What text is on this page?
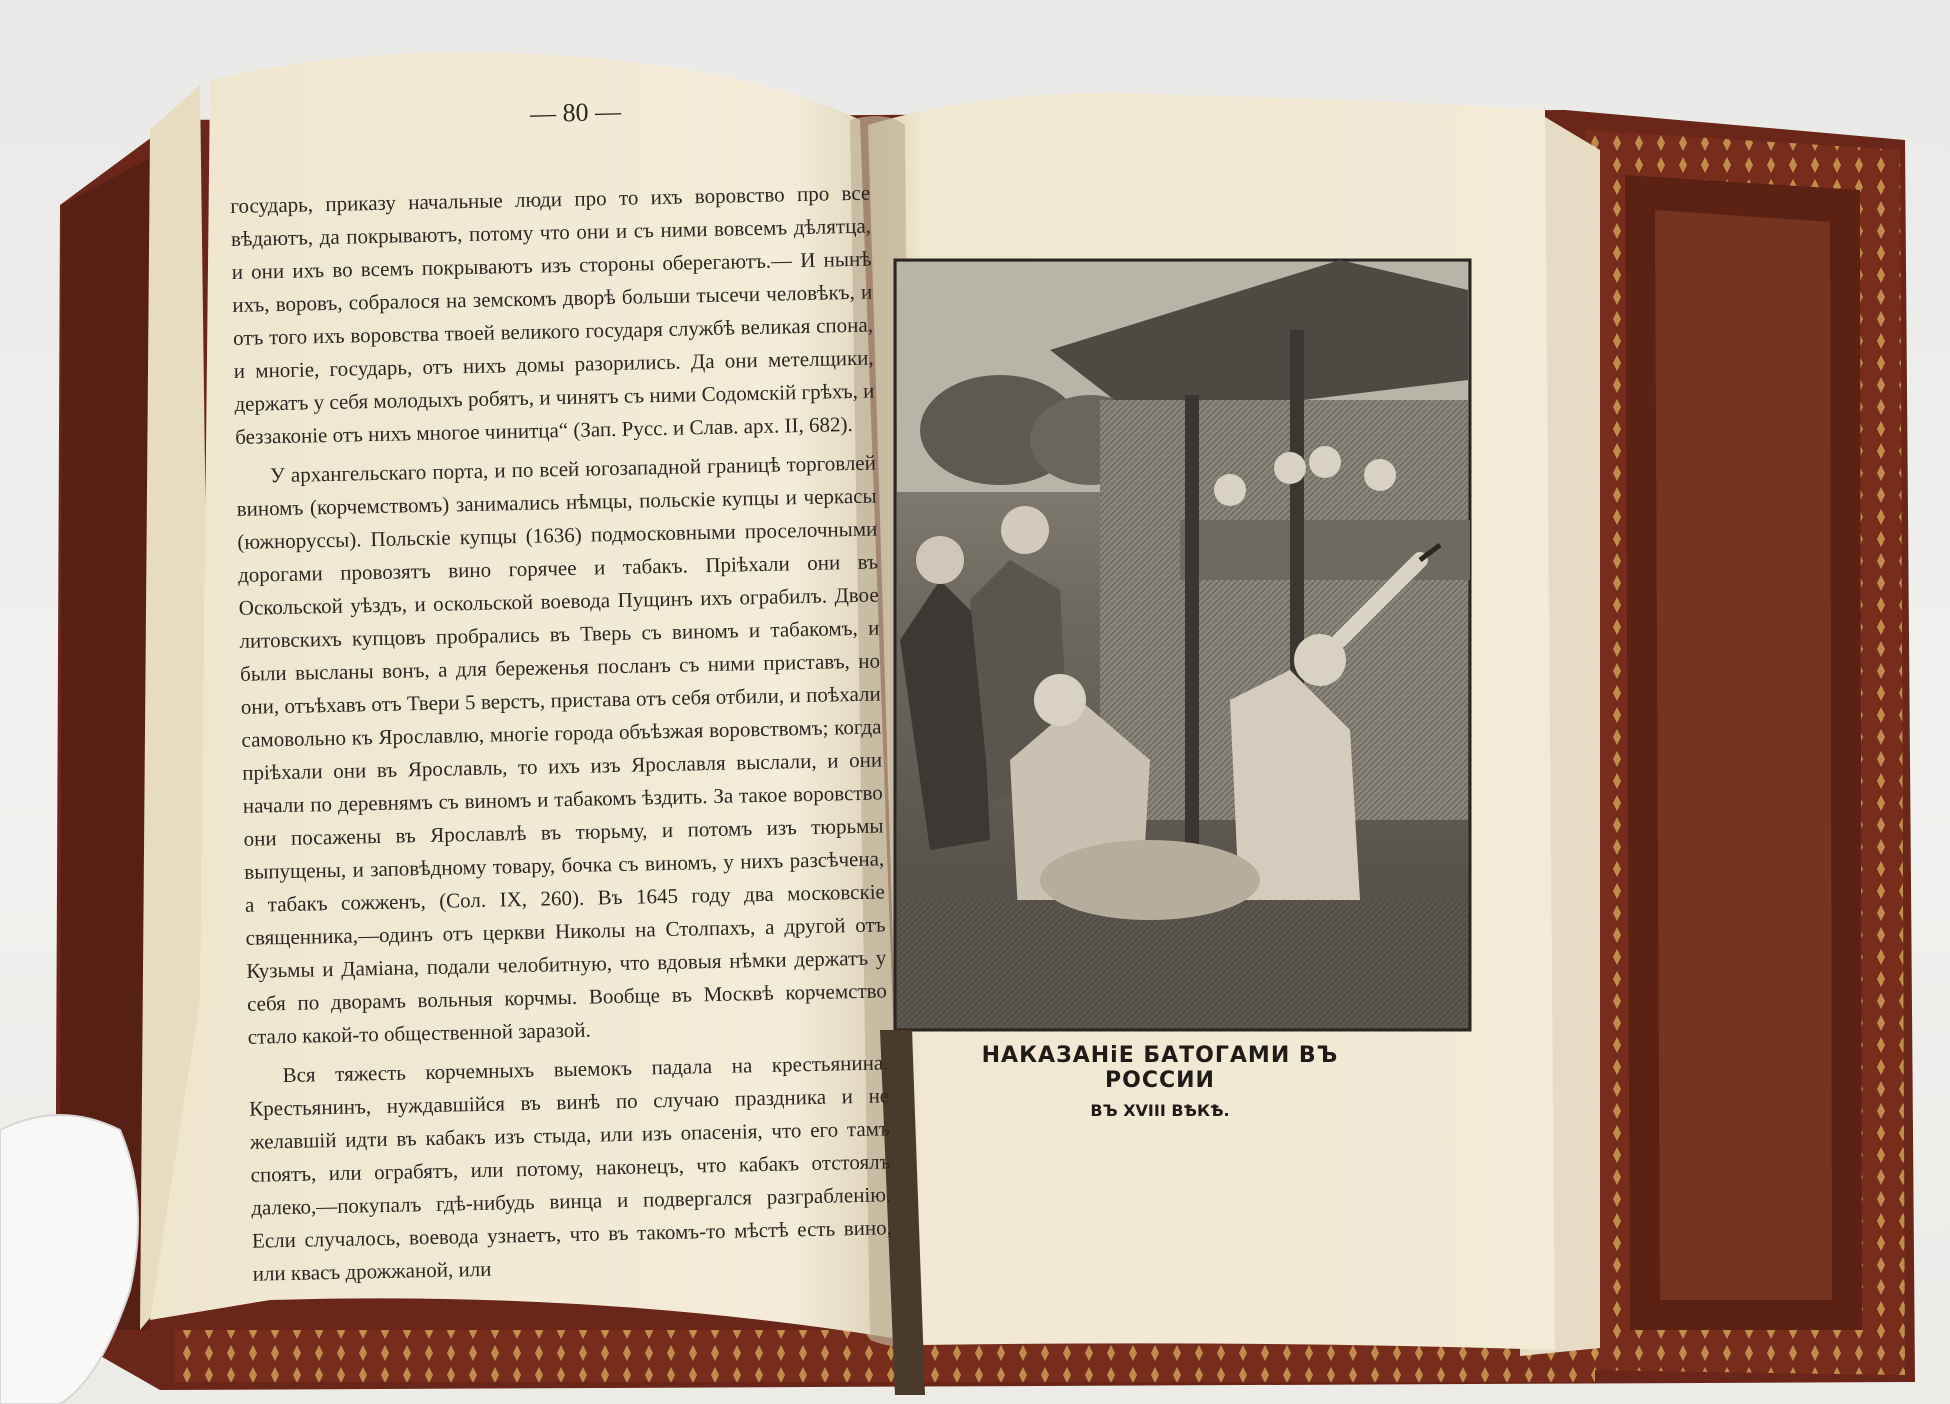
— 80 —

государь, приказу начальные люди про то ихъ воровство про все вѣдаютъ, да покрываютъ, потому что они и съ ними вовсемъ дѣлятца, и они ихъ во всемъ покрываютъ изъ стороны оберегаютъ.— И нынѣ ихъ, воровъ, собралося на земскомъ дворѣ больши тысечи человѣкъ, и отъ того ихъ воровства твоей великого государя службѣ великая спона, и многіе, государь, отъ нихъ домы разорились. Да они метелщики, держатъ у себя молодыхъ робятъ, и чинятъ съ ними Содомскій грѣхъ, и беззаконіе отъ нихъ многое чинитца“ (Зап. Русс. и Слав. арх. II, 682).

У архангельскаго порта, и по всей югозападной границѣ торговлей виномъ (корчемствомъ) занимались нѣмцы, польскіе купцы и черкасы (южноруссы). Польскіе купцы (1636) подмосковными проселочными дорогами провозятъ вино горячее и табакъ. Пріѣхали они въ Оскольской уѣздъ, и оскольской воевода Пущинъ ихъ ограбилъ. Двое литовскихъ купцовъ пробрались въ Тверь съ виномъ и табакомъ, и были высланы вонъ, а для береженья посланъ съ ними приставъ, но они, отъѣхавъ отъ Твери 5 верстъ, пристава отъ себя отбили, и поѣхали самовольно къ Ярославлю, многіе города объѣзжая воровствомъ; когда пріѣхали они въ Ярославль, то ихъ изъ Ярославля выслали, и они начали по деревнямъ съ виномъ и табакомъ ѣздить. За такое воровство они посажены въ Ярославлѣ въ тюрьму, и потомъ изъ тюрьмы выпущены, и заповѣдному товару, бочка съ виномъ, у нихъ разсѣчена, а табакъ сожженъ, (Сол. IX, 260). Въ 1645 году два московскіе священника,—одинъ отъ церкви Николы на Столпахъ, а другой отъ Кузьмы и Даміана, подали челобитную, что вдовыя нѣмки держатъ у себя по дворамъ вольныя корчмы. Вообще въ Москвѣ корчемство стало какой-то общественной заразой.

Вся тяжесть корчемныхъ выемокъ падала на крестьянина. Крестьянинъ, нуждавшійся въ винѣ по случаю праздника и не желавшій идти въ кабакъ изъ стыда, или изъ опасенія, что его тамъ споятъ, или ограбятъ, или потому, наконецъ, что кабакъ отстоялъ далеко,—покупалъ гдѣ-нибудь винца и подвергался разграбленію. Если случалось, воевода узнаетъ, что въ такомъ-то мѣстѣ есть вино, или квасъ дрожжаной, или

НАКАЗАНіЕ БАТОГАМИ ВЪ РОССИИ
ВЪ XVIII ВѢКѢ.
